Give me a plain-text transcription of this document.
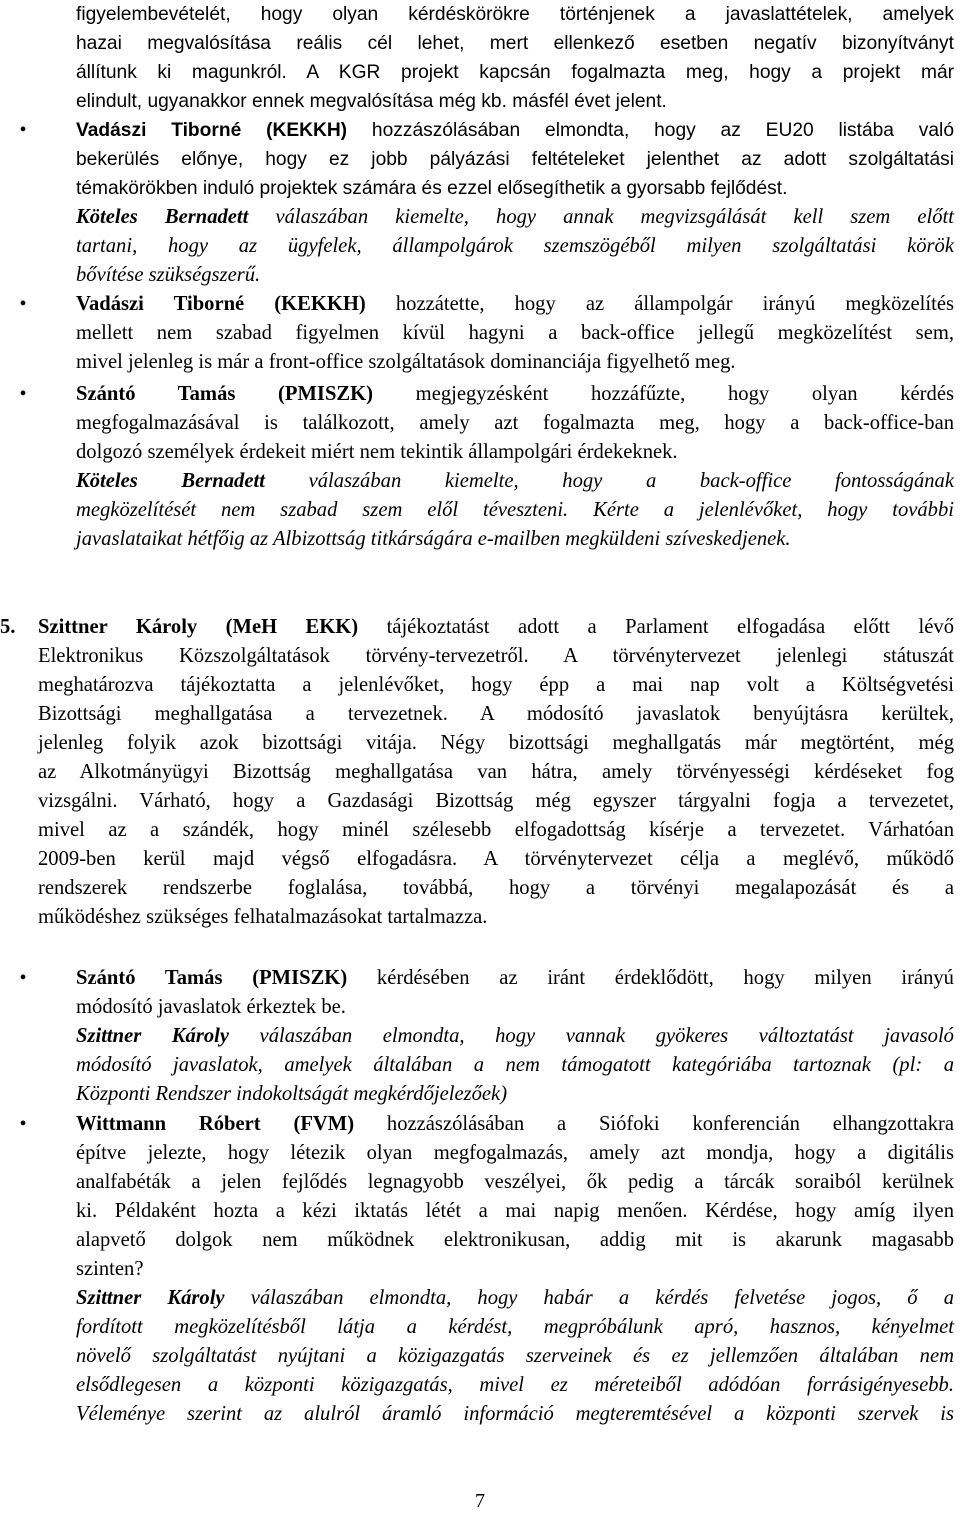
figyelembevételét, hogy olyan kérdéskörökre történjenek a javaslattételek, amelyek
hazai megvalósítása reális cél lehet, mert ellenkező esetben negatív bizonyítványt
állítunk ki magunkról. A KGR projekt kapcsán fogalmazta meg, hogy a projekt már
elindult, ugyanakkor ennek megvalósítása még kb. másfél évet jelent.
•	Vadászi Tiborné (KEKKH) hozzászólásában elmondta, hogy az EU20 listába való
bekerülés előnye, hogy ez jobb pályázási feltételeket jelenthet az adott szolgáltatási
témakörökben induló projektek számára és ezzel elősegíthetik a gyorsabb fejlődést.
Köteles Bernadett válaszában kiemelte, hogy annak megvizsgálását kell szem előtt
tartani, hogy az ügyfelek, állampolgárok szemszögéből milyen szolgáltatási körök
bővítése szükségszerű.
•	Vadászi Tiborné (KEKKH) hozzátette, hogy az állampolgár irányú megközelítés
mellett nem szabad figyelmen kívül hagyni a back-office jellegű megközelítést sem,
mivel jelenleg is már a front-office szolgáltatások dominanciája figyelhető meg.
•	Szántó Tamás (PMISZK) megjegyzésként hozzáfűzte, hogy olyan kérdés
megfogalmazásával is találkozott, amely azt fogalmazta meg, hogy a back-office-ban
dolgozó személyek érdekeit miért nem tekintik állampolgári érdekeknek.
Köteles Bernadett válaszában kiemelte, hogy a back-office fontosságának
megközelítését nem szabad szem elől téveszteni. Kérte a jelenlévőket, hogy további
javaslataikat hétfőig az Albizottság titkárságára e-mailben megküldeni szíveskedjenek.
5. Szittner Károly (MeH EKK) tájékoztatást adott a Parlament elfogadása előtt lévő
Elektronikus Közszolgáltatások törvény-tervezetről. A törvénytervezet jelenlegi státuszát
meghatározva tájékoztatta a jelenlévőket, hogy épp a mai nap volt a Költségvetési
Bizottsági meghallgatása a tervezetnek. A módosító javaslatok benyújtásra kerültek,
jelenleg folyik azok bizottsági vitája. Négy bizottsági meghallgatás már megtörtént, még
az Alkotmányügyi Bizottság meghallgatása van hátra, amely törvényességi kérdéseket fog
vizsgálni. Várható, hogy a Gazdasági Bizottság még egyszer tárgyalni fogja a tervezetet,
mivel az a szándék, hogy minél szélesebb elfogadottság kísérje a tervezetet. Várhatóan
2009-ben kerül majd végső elfogadásra. A törvénytervezet célja a meglévő, működő
rendszerek rendszerbe foglalása, továbbá, hogy a törvényi megalapozását és a
működéshez szükséges felhatalmazásokat tartalmazza.
•	Szántó Tamás (PMISZK) kérdésében az iránt érdeklődött, hogy milyen irányú
módosító javaslatok érkeztek be.
Szittner Károly válaszában elmondta, hogy vannak gyökeres változtatást javasoló
módosító javaslatok, amelyek általában a nem támogatott kategóriába tartoznak (pl: a
Központi Rendszer indokoltságát megkérdőjelezőek)
•	Wittmann Róbert (FVM) hozzászólásában a Siófoki konferencián elhangzottakra
építve jelezte, hogy létezik olyan megfogalmazás, amely azt mondja, hogy a digitális
analfabéták a jelen fejlődés legnagyobb veszélyei, ők pedig a tárcák soraiból kerülnek
ki. Példaként hozta a kézi iktatás létét a mai napig menően. Kérdése, hogy amíg ilyen
alapvető dolgok nem működnek elektronikusan, addig mit is akarunk magasabb
szinten?
Szittner Károly válaszában elmondta, hogy habár a kérdés felvetése jogos, ő a
fordított megközelítésből látja a kérdést, megpróbálunk apró, hasznos, kényelmet
növelő szolgáltatást nyújtani a közigazgatás szerveinek és ez jellemzően általában nem
elsődlegesen a központi közigazgatás, mivel ez méreteiből adódóan forrásigényesebb.
Véleménye szerint az alulról áramló információ megteremtésével a központi szervek is
7
